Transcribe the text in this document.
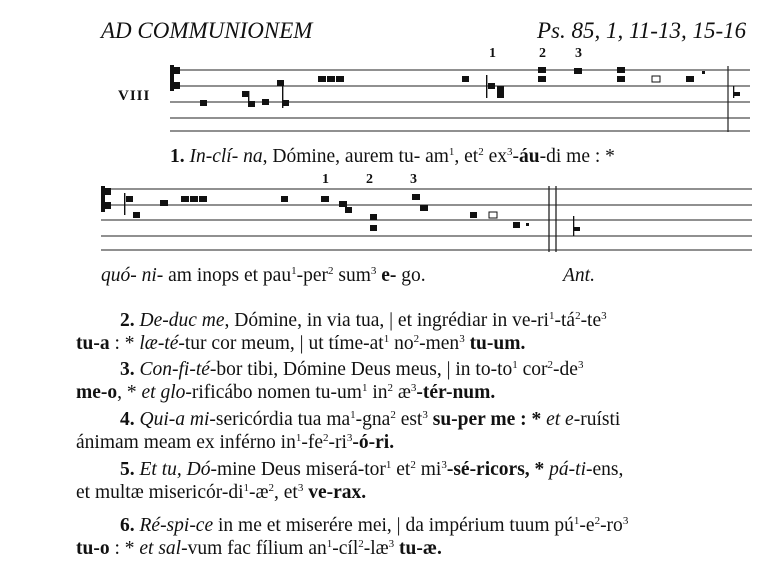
AD COMMUNIONEM	Ps. 85, 1, 11-13, 15-16
VIII
1	2 3
1	2	3
1. In-clí- na, Dómine, aurem tu- $am^1$, $et^2$ $ex^3-áu-di$ me : *
quó- ni- am inops et pau$^1$-per$^2$ sum$^3$ e- go.	Ant.
2. De-duc me, Dómine, in via tua, | et ingrédiar in $ve-ri^1-tá^2-te^3$
tu-a : * læ-té-tur cor meum, | ut tíme-$at^1$ $no^2-men^3$ tu-um.
3. Con-fi-té-bor tibi, Dómine Deus meus, | in $to-to^1$ $cor^2-de^3$
me-o, * et glo-rificábo nomen $tu-um^1$ $in^2$ $æ^3-tér$-num.
4. Qui-a mi-sericórdia tua $ma^1-gna^2$ est$^3$ su-per me : * et e-ruísti
ánimam meam ex inférno $in^1-fe^2-ri^3-ó-ri$.
5. Et tu, Dó-mine Deus miserá-tor$^1$ $et^2$ $mi^3-sé$-ricors, * pá-ti-ens,
et multæ misericór-$di^1-æ^2$, $et^3$ ve-rax.
6. Ré-spi-ce in me et miserére mei, | da impérium tuum $pú^1-e^2-ro^3$
tu-o : * et sal-vum fac fílium $an^1-cíl^2-læ^3$ tu-æ.
